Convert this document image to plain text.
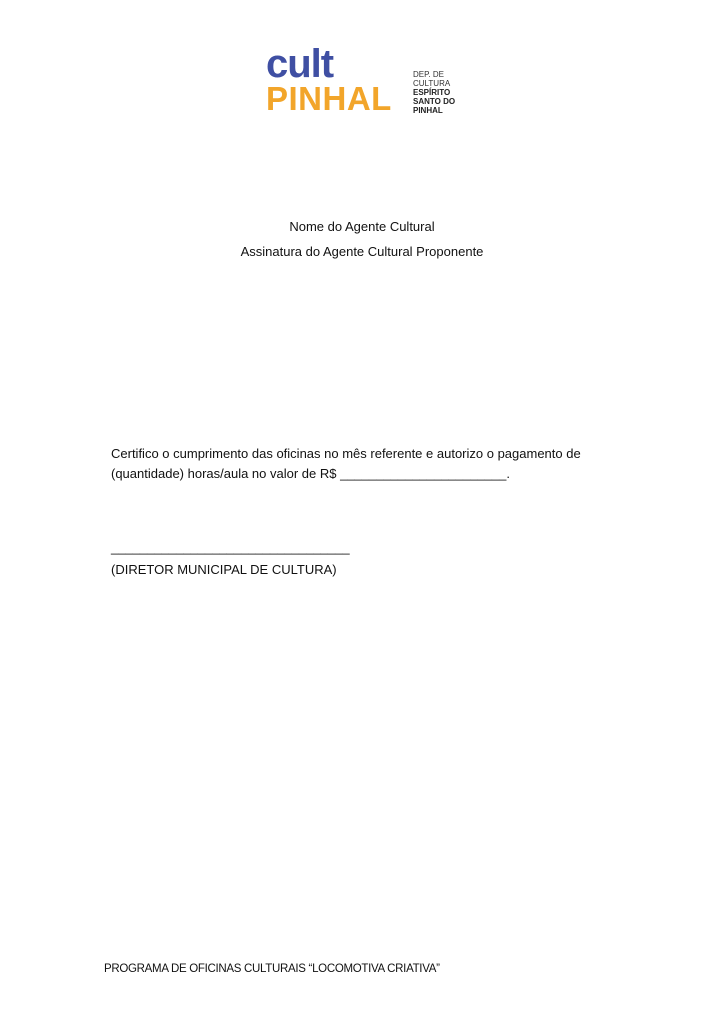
cult
PINHAL
DEP. DE
CULTURA
ESPÍRITO
SANTO DO
PINHAL
Nome do Agente Cultural
Assinatura do Agente Cultural Proponente
Certifico o cumprimento das oficinas no mês referente e autorizo o pagamento de
(quantidade) horas/aula no valor de R$ _______________________.
_________________________________
(DIRETOR MUNICIPAL DE CULTURA)
PROGRAMA DE OFICINAS CULTURAIS “LOCOMOTIVA CRIATIVA”
